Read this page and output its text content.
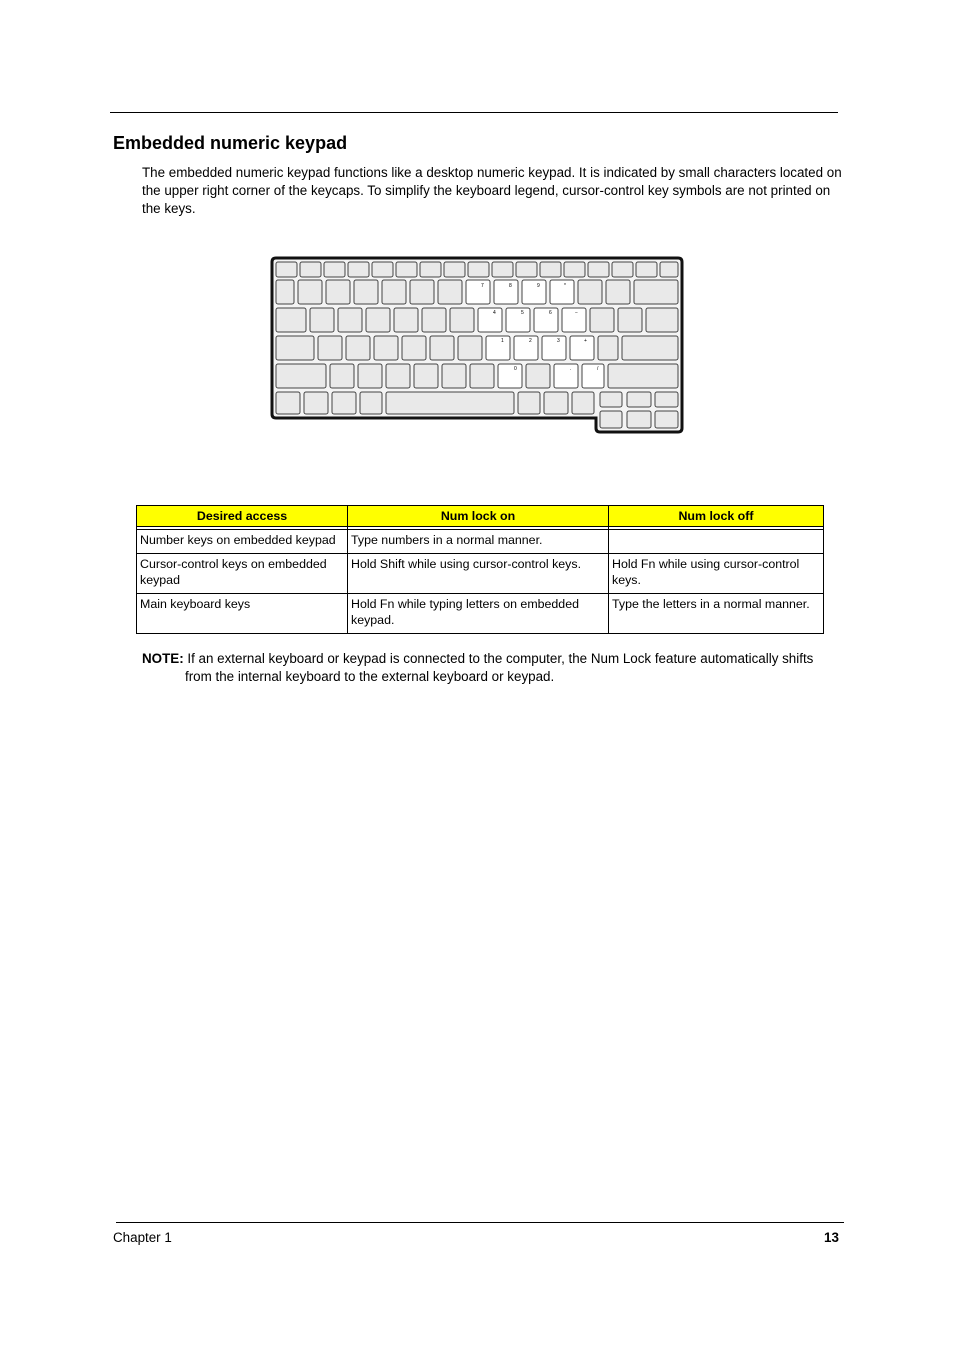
Embedded numeric keypad

The embedded numeric keypad functions like a desktop numeric keypad. It is indicated by small characters located on the upper right corner of the keycaps. To simplify the keyboard legend, cursor-control key symbols are not printed on the keys.

7	8	9	*
4	5	6	−
1	2	3	+
0	.	/
Desired access	Num lock on	Num lock off

Number keys on embedded keypad	Type numbers in a normal manner.	
Cursor-control keys on embedded keypad	Hold Shift while using cursor-control keys.	Hold Fn while using cursor-control keys.
Main keyboard keys	Hold Fn while typing letters on embedded keypad.	Type the letters in a normal manner.

NOTE: If an external keyboard or keypad is connected to the computer, the Num Lock feature automatically shifts from the internal keyboard to the external keyboard or keypad.

Chapter 1	13
